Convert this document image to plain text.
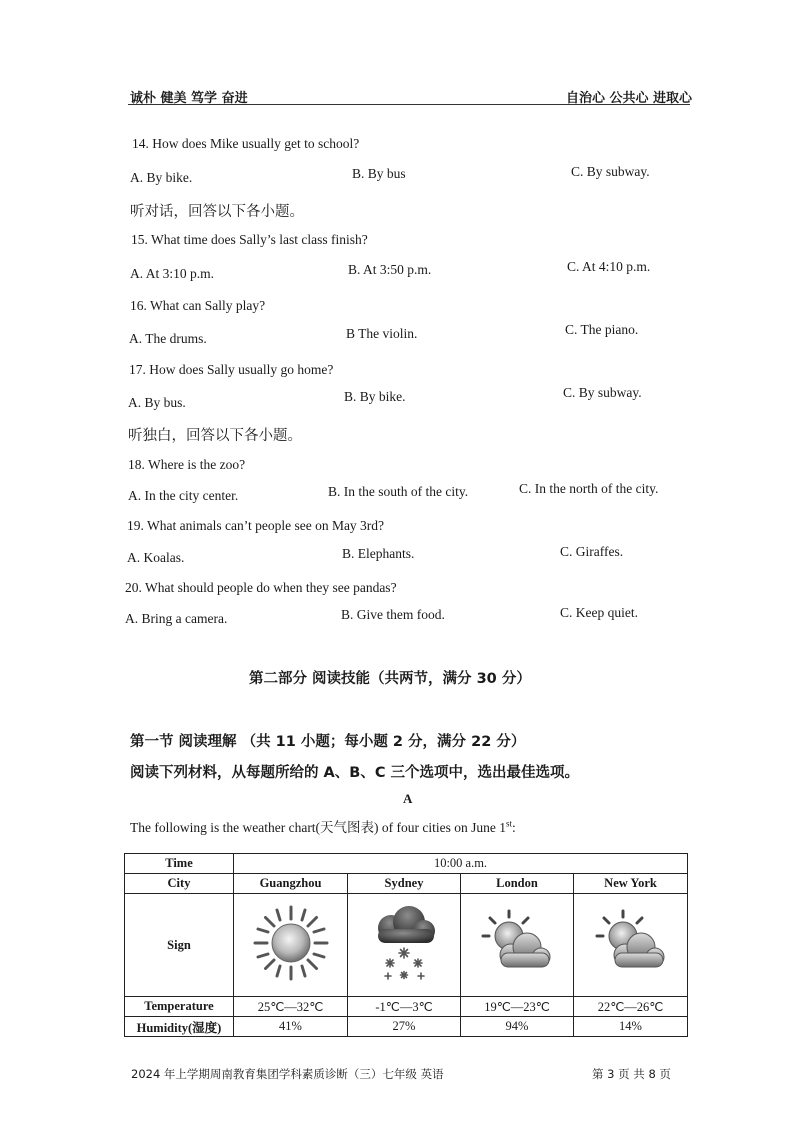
诚朴 健美 笃学 奋进	自治心 公共心 进取心
14. How does Mike usually get to school?
A. By bike.	B. By bus	C. By subway.
听对话，回答以下各小题。
15. What time does Sally’s last class finish?
A. At 3:10 p.m.	B. At 3:50 p.m.	C. At 4:10 p.m.
16. What can Sally play?
A. The drums.	B The violin.	C. The piano.
17. How does Sally usually go home?
A. By bus.	B. By bike.	C. By subway.
听独白，回答以下各小题。
18. Where is the zoo?
A. In the city center.	B. In the south of the city.	C. In the north of the city.
19. What animals can’t people see on May 3rd?
A. Koalas.	B. Elephants.	C. Giraffes.
20. What should people do when they see pandas?
A. Bring a camera.	B. Give them food.	C. Keep quiet.
第二部分 阅读技能（共两节，满分 30 分）
第一节 阅读理解 （共 11 小题；每小题 2 分，满分 22 分）
阅读下列材料，从每题所给的 A、B、C 三个选项中，选出最佳选项。
A
The following is the weather chart(天气图表) of four cities on June 1st:
Time	10:00 a.m.			
City	Guangzhou	Sydney	London	New York
Sign				
Temperature	25℃—32℃	-1℃—3℃	19℃—23℃	22℃—26℃
Humidity(湿度)	41%	27%	94%	14%
2024 年上学期周南教育集团学科素质诊断（三）七年级 英语	第 3 页 共 8 页
